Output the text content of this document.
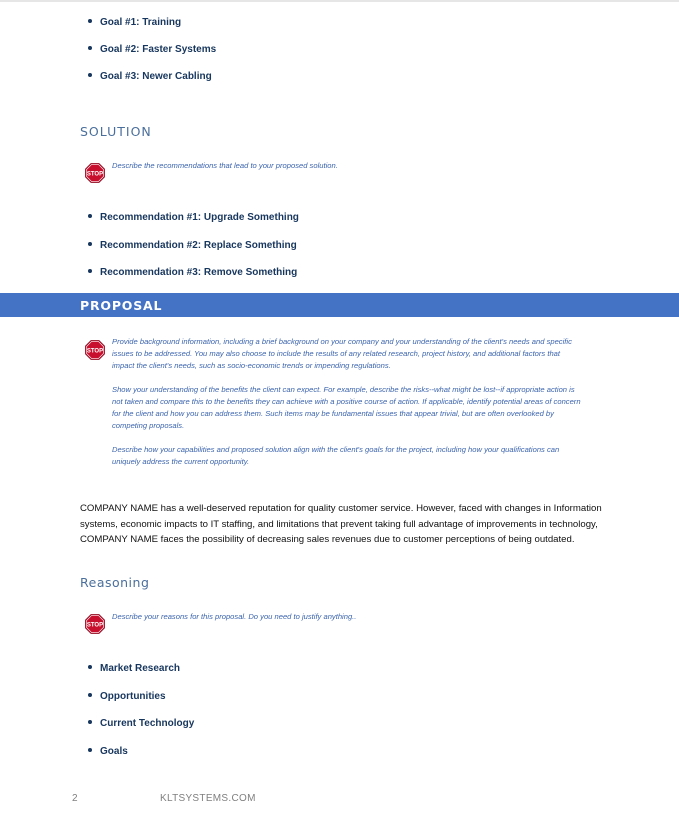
Goal #1: Training
Goal #2: Faster Systems
Goal #3: Newer Cabling
SOLUTION
STOP
Describe the recommendations that lead to your proposed solution.
Recommendation #1: Upgrade Something
Recommendation #2: Replace Something
Recommendation #3: Remove Something
PROPOSAL
STOP

Provide background information, including a brief background on your company and your understanding of the client's needs and specific issues to be addressed. You may also choose to include the results of any related research, project history, and additional factors that impact the client's needs, such as socio-economic trends or impending regulations.

Show your understanding of the benefits the client can expect. For example, describe the risks--what might be lost--if appropriate action is not taken and compare this to the benefits they can achieve with a positive course of action. If applicable, identify potential areas of concern for the client and how you can address them. Such items may be fundamental issues that appear trivial, but are often overlooked by competing proposals.

Describe how your capabilities and proposed solution align with the client's goals for the project, including how your qualifications can uniquely address the current opportunity.

COMPANY NAME has a well-deserved reputation for quality customer service. However, faced with changes in Information systems, economic impacts to IT staffing, and limitations that prevent taking full advantage of improvements in technology, COMPANY NAME faces the possibility of decreasing sales revenues due to customer perceptions of being outdated.
Reasoning
STOP
Describe your reasons for this proposal. Do you need to justify anything..
Market Research
Opportunities
Current Technology
Goals
2	KLTSYSTEMS.COM
